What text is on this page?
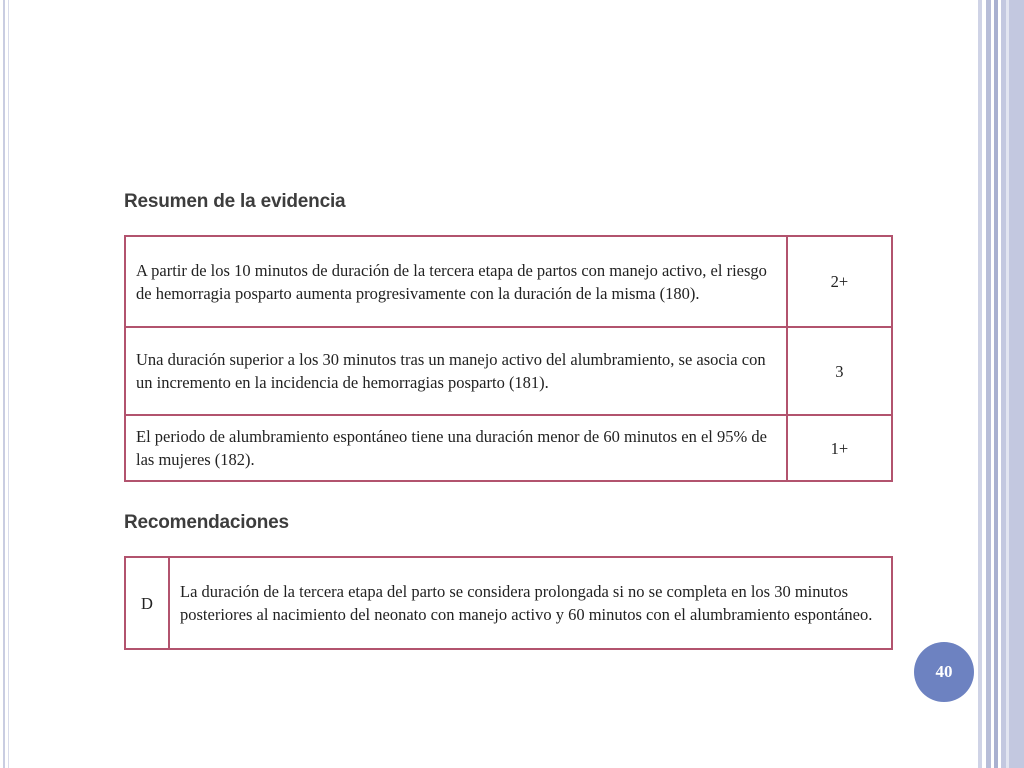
Resumen de la evidencia
A partir de los 10 minutos de duración de la tercera etapa de partos con manejo activo, el riesgo de hemorragia posparto aumenta progresivamente con la duración de la misma (180).	2+
Una duración superior a los 30 minutos tras un manejo activo del alumbramiento, se asocia con un incremento en la incidencia de hemorragias posparto (181).	3
El periodo de alumbramiento espontáneo tiene una duración menor de 60 minutos en el 95% de las mujeres (182).	1+
Recomendaciones
D	La duración de la tercera etapa del parto se considera prolongada si no se completa en los 30 minutos posteriores al nacimiento del neonato con manejo activo y 60 minutos con el alumbramiento espontáneo.
40
